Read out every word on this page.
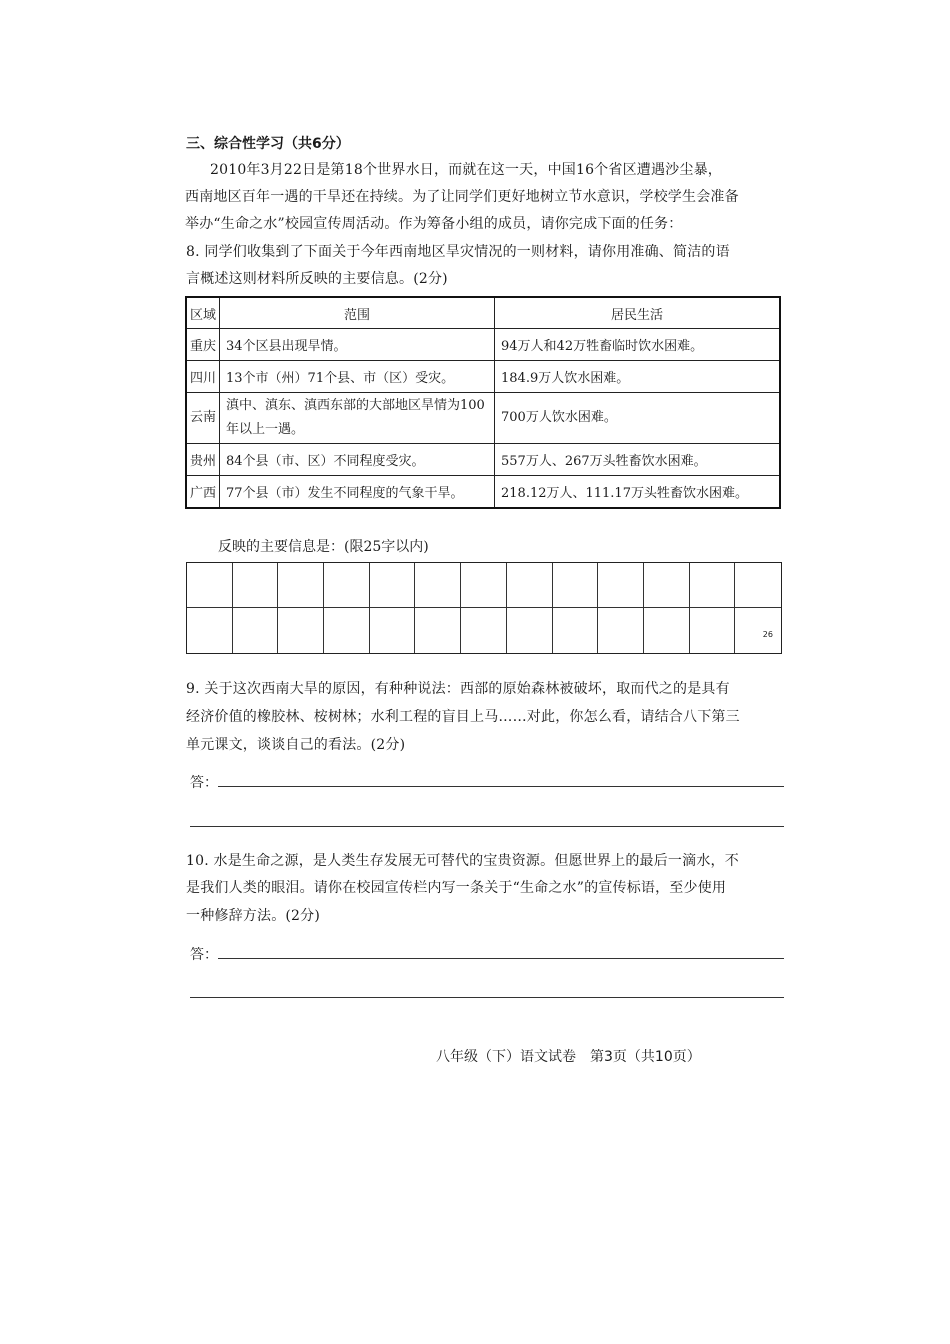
三、综合性学习（共6分）
2010年3月22日是第18个世界水日，而就在这一天，中国16个省区遭遇沙尘暴，
西南地区百年一遇的干旱还在持续。为了让同学们更好地树立节水意识，学校学生会准备
举办“生命之水”校园宣传周活动。作为筹备小组的成员，请你完成下面的任务：
8. 同学们收集到了下面关于今年西南地区旱灾情况的一则材料，请你用准确、简洁的语
言概述这则材料所反映的主要信息。(2分)
区域	范围	居民生活
重庆	34个区县出现旱情。	94万人和42万牲畜临时饮水困难。
四川	13个市（州）71个县、市（区）受灾。	184.9万人饮水困难。
云南	滇中、滇东、滇西东部的大部地区旱情为100年以上一遇。	700万人饮水困难。
贵州	84个县（市、区）不同程度受灾。	557万人、267万头牲畜饮水困难。
广西	77个县（市）发生不同程度的气象干旱。	218.12万人、111.17万头牲畜饮水困难。
反映的主要信息是：(限25字以内)
26
9. 关于这次西南大旱的原因，有种种说法：西部的原始森林被破坏，取而代之的是具有
经济价值的橡胶林、桉树林；水利工程的盲目上马……对此，你怎么看，请结合八下第三
单元课文，谈谈自己的看法。(2分)
答：
10. 水是生命之源，是人类生存发展无可替代的宝贵资源。但愿世界上的最后一滴水，不
是我们人类的眼泪。请你在校园宣传栏内写一条关于“生命之水”的宣传标语，至少使用
一种修辞方法。(2分)
答：
八年级（下）语文试卷　第3页（共10页）
